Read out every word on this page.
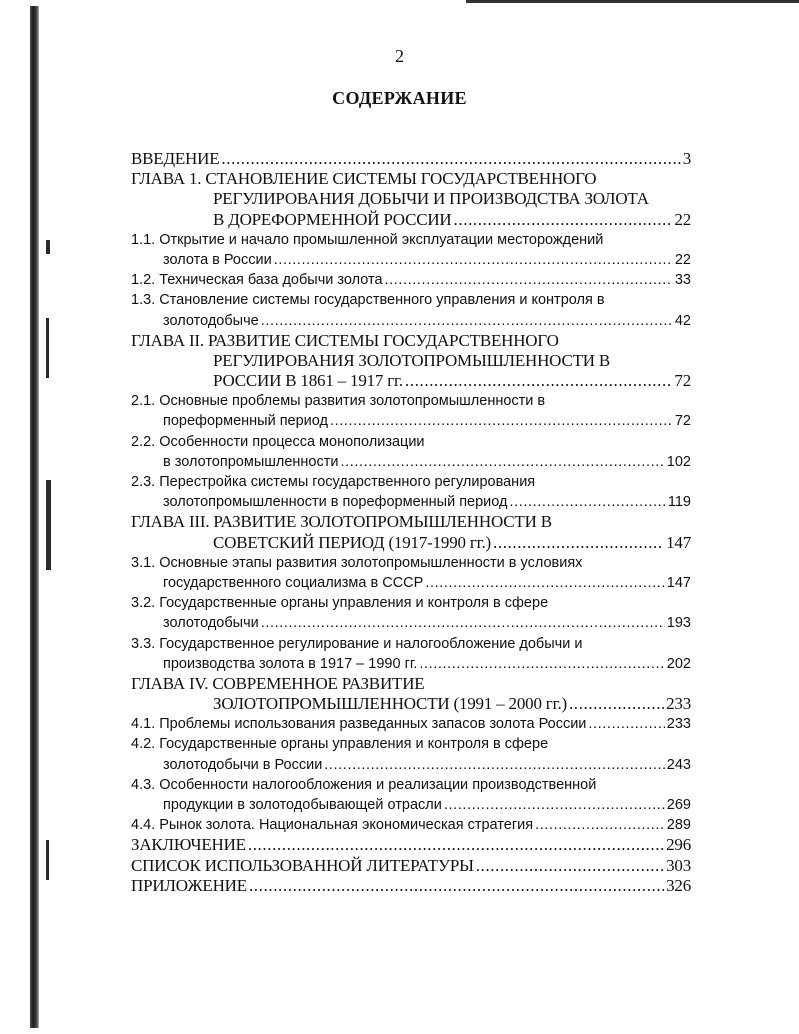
2
СОДЕРЖАНИЕ
ВВЕДЕНИЕ .....	3
ГЛАВА 1. СТАНОВЛЕНИЕ СИСТЕМЫ ГОСУДАРСТВЕННОГО
РЕГУЛИРОВАНИЯ ДОБЫЧИ И ПРОИЗВОДСТВА ЗОЛОТА
В ДОРЕФОРМЕННОЙ РОССИИ .....	22
1.1. Открытие и начало промышленной эксплуатации месторождений
золота в России .....	22
1.2. Техническая база добычи золота .....	33
1.3. Становление системы государственного управления и контроля в
золотодобыче .....	42
ГЛАВА II. РАЗВИТИЕ СИСТЕМЫ ГОСУДАРСТВЕННОГО
РЕГУЛИРОВАНИЯ ЗОЛОТОПРОМЫШЛЕННОСТИ В
РОССИИ В 1861 – 1917 гг. .....	72
2.1. Основные проблемы развития золотопромышленности в
пореформенный период .....	72
2.2. Особенности процесса монополизации
в золотопромышленности .....	102
2.3. Перестройка системы государственного регулирования
золотопромышленности в пореформенный период .....	119
ГЛАВА III. РАЗВИТИЕ ЗОЛОТОПРОМЫШЛЕННОСТИ В
СОВЕТСКИЙ ПЕРИОД (1917-1990 гг.) .....	147
3.1. Основные этапы развития золотопромышленности в условиях
государственного социализма в СССР .....	147
3.2. Государственные органы управления и контроля в сфере
золотодобычи .....	193
3.3. Государственное регулирование и налогообложение добычи и
производства золота в 1917 – 1990 гг. .....	202
ГЛАВА IV. СОВРЕМЕННОЕ РАЗВИТИЕ
ЗОЛОТОПРОМЫШЛЕННОСТИ (1991 – 2000 гг.) .....	233
4.1. Проблемы использования разведанных запасов золота России .....	233
4.2. Государственные органы управления и контроля в сфере
золотодобычи в России .....	243
4.3. Особенности налогообложения и реализации производственной
продукции в золотодобывающей отрасли .....	269
4.4. Рынок золота. Национальная экономическая стратегия .....	289
ЗАКЛЮЧЕНИЕ .....	296
СПИСОК ИСПОЛЬЗОВАННОЙ ЛИТЕРАТУРЫ .....	303
ПРИЛОЖЕНИЕ .....	326
